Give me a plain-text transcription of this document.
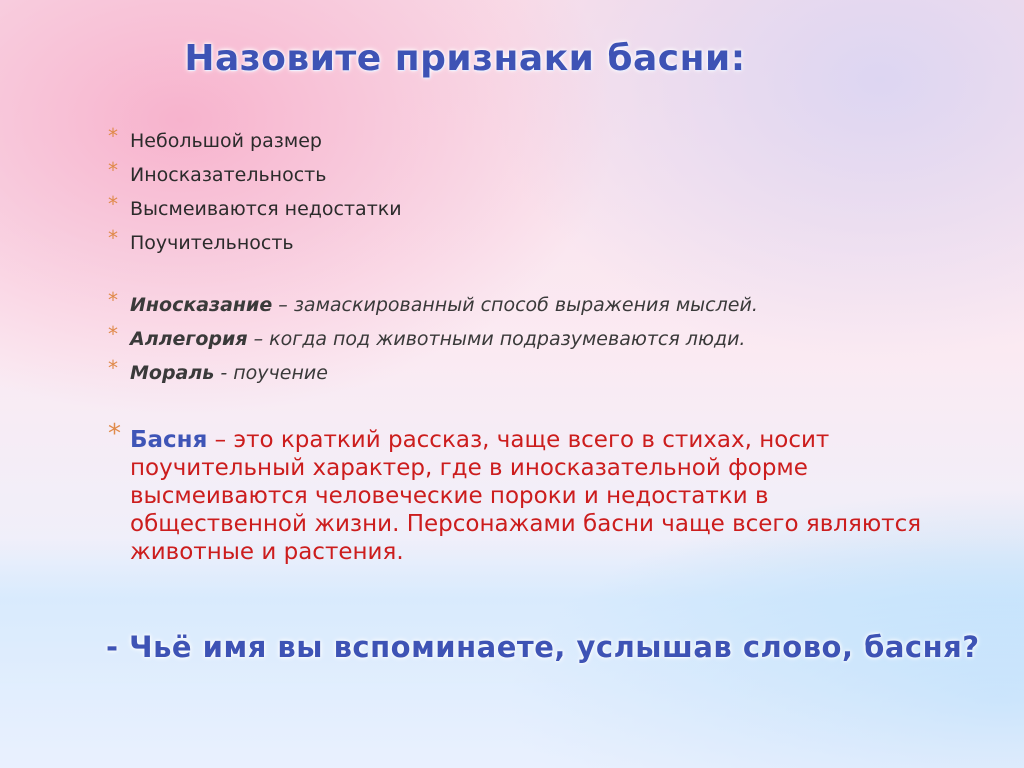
Назовите признаки басни:
* Небольшой размер
* Иносказательность
* Высмеиваются недостатки
* Поучительность
* Иносказание – замаскированный способ выражения мыслей.
* Аллегория – когда под животными подразумеваются люди.
* Мораль - поучение
* Басня – это краткий рассказ, чаще всего в стихах, носит поучительный характер, где в иносказательной форме высмеиваются человеческие пороки и недостатки в общественной жизни. Персонажами басни чаще всего являются животные и растения.
- Чьё имя вы вспоминаете, услышав слово, басня?
